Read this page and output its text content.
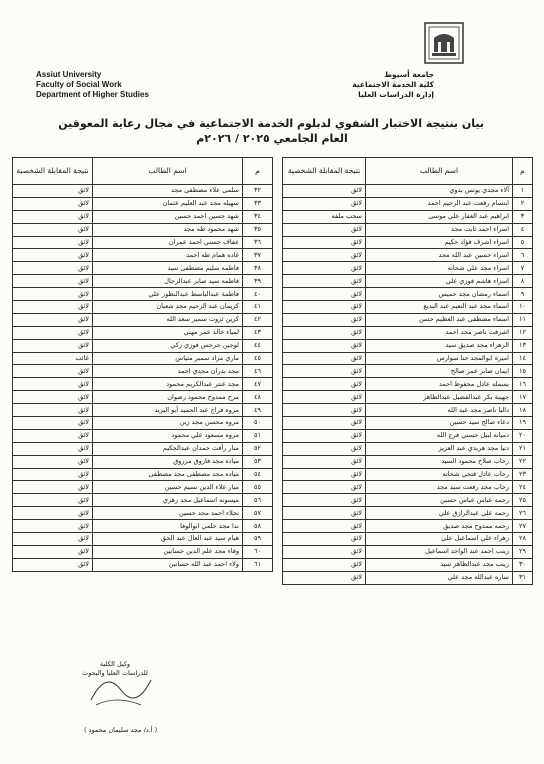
Assiut University
Faculty of Social Work
Department of Higher Studies
جامعة أسيوط
كلية الخدمة الاجتماعية
إدارة الدراسات العليا
بيان بنتيجة الاختبار الشفوي لدبلوم الخدمة الاجتماعية في مجال رعاية المعوقين
العام الجامعي ٢٠٢٥ / ٢٠٢٦م
م	اسم الطالب	نتيجة المقابلة الشخصية
١	آلاء مجدي يونس بدوي	لائق
٢	ابتسام رفعت عبد الرحيم احمد	لائق
٣	ابراهيم عبد الغفار علي موسى	سحب ملفه
٤	اسراء احمد ثابت مجد	لائق
٥	اسراء اشرف فؤاد حكيم	لائق
٦	اسراء حسين عبد الله مجد	لائق
٧	اسراء مجد علي شحاته	لائق
٨	اسراء هاشم فوزي علي	لائق
٩	اسماء رمضان مجد خميس	لائق
١٠	اسماء مجد عبد النعيم عبد البديع	لائق
١١	اسماء مصطفى عبد العظيم حسن	لائق
١٢	اشرقت ناصر مجد احمد	لائق
١٣	الزهراء مجد صديق سيد	لائق
١٤	اميرة ابوالمجد حنا سوارس	لائق
١٥	ايمان صابر عمر صالح	لائق
١٦	بسمله عادل محفوظ احمد	لائق
١٧	جهينة بكر عبدالفضيل عبدالظاهر	لائق
١٨	داليا ناصر مجد عبد الله	لائق
١٩	دعاء صالح سيد حسين	لائق
٢٠	دميانه لبيل حسني فرج الله	لائق
٢١	دنيا مجد هريدي عبد العزيز	لائق
٢٢	رحاب صلاح محمود السيد	لائق
٢٣	رحاب عادل فتحي شحاته	لائق
٢٤	رحاب مجد رفعت سيد مجد	لائق
٢٥	رحمه عباس عباس حسين	لائق
٢٦	رحمه علي عبدالرازق علي	لائق
٢٧	رحمه ممدوح مجد صديق	لائق
٢٨	زهراء علي اسماعيل علي	لائق
٢٩	زينب احمد عبد الواحد اسماعيل	لائق
٣٠	زينب مجد عبدالظاهر سيد	لائق
٣١	ساره عبدالله مجد علي	لائق
م	اسم الطالب	نتيجة المقابلة الشخصية
٣٢	سلمى علاء مصطفى مجد	لائق
٣٣	سهيله مجد عبد العليم عثمان	لائق
٣٤	شهد حسين احمد حسين	لائق
٣٥	شهد محمود طه مجد	لائق
٣٦	عفاف حسني احمد عمران	لائق
٣٧	غاده همام طه احمد	لائق
٣٨	فاطمه سليم مصطفى سيد	لائق
٣٩	فاطمه سيد صابر عبدالرجال	لائق
٤٠	فاطمة عبدالباسط عبدالنظور علي	لائق
٤١	كريمان عبد الرحيم مجد شعبان	لائق
٤٢	كرين ثروت سمير سعد الله	لائق
٤٣	لمياء خالد عمر مهني	لائق
٤٤	لوجين جرجس فوزي زكي	لائق
٤٥	ماري مراد سمير متياس	غائب
٤٦	مجد بدران مجدي احمد	لائق
٤٧	مجد عنتر عبدالكريم محمود	لائق
٤٨	مرح ممدوح محمود رضوان	لائق
٤٩	مروه فراج عبد الحميد أبو اليزيد	لائق
٥٠	مروه محسن مجد زين	لائق
٥١	مروه مسعود علي محمود	لائق
٥٢	منار رأفت حمدان عبدالحكيم	لائق
٥٣	مياده مجد فاروق مرزوق	لائق
٥٤	مياده مجد مصطفى مجد مصطفى	لائق
٥٥	ميار علاء الدين نسيم حسين	لائق
٥٦	ميسونه اسماعيل مجد زهري	لائق
٥٧	نجلاء احمد مجد حسين	لائق
٥٨	ندا مجد حلمي ابوالوفا	لائق
٥٩	هيام سيد عبد العال عبد الحق	لائق
٦٠	وفاء مجد علم الدين حسانين	لائق
٦١	ولاء احمد عبد الله حسانين	لائق
وكيل الكلية
للدراسات العليا والبحوث
( أ.د/ مجد سليمان محمود )
